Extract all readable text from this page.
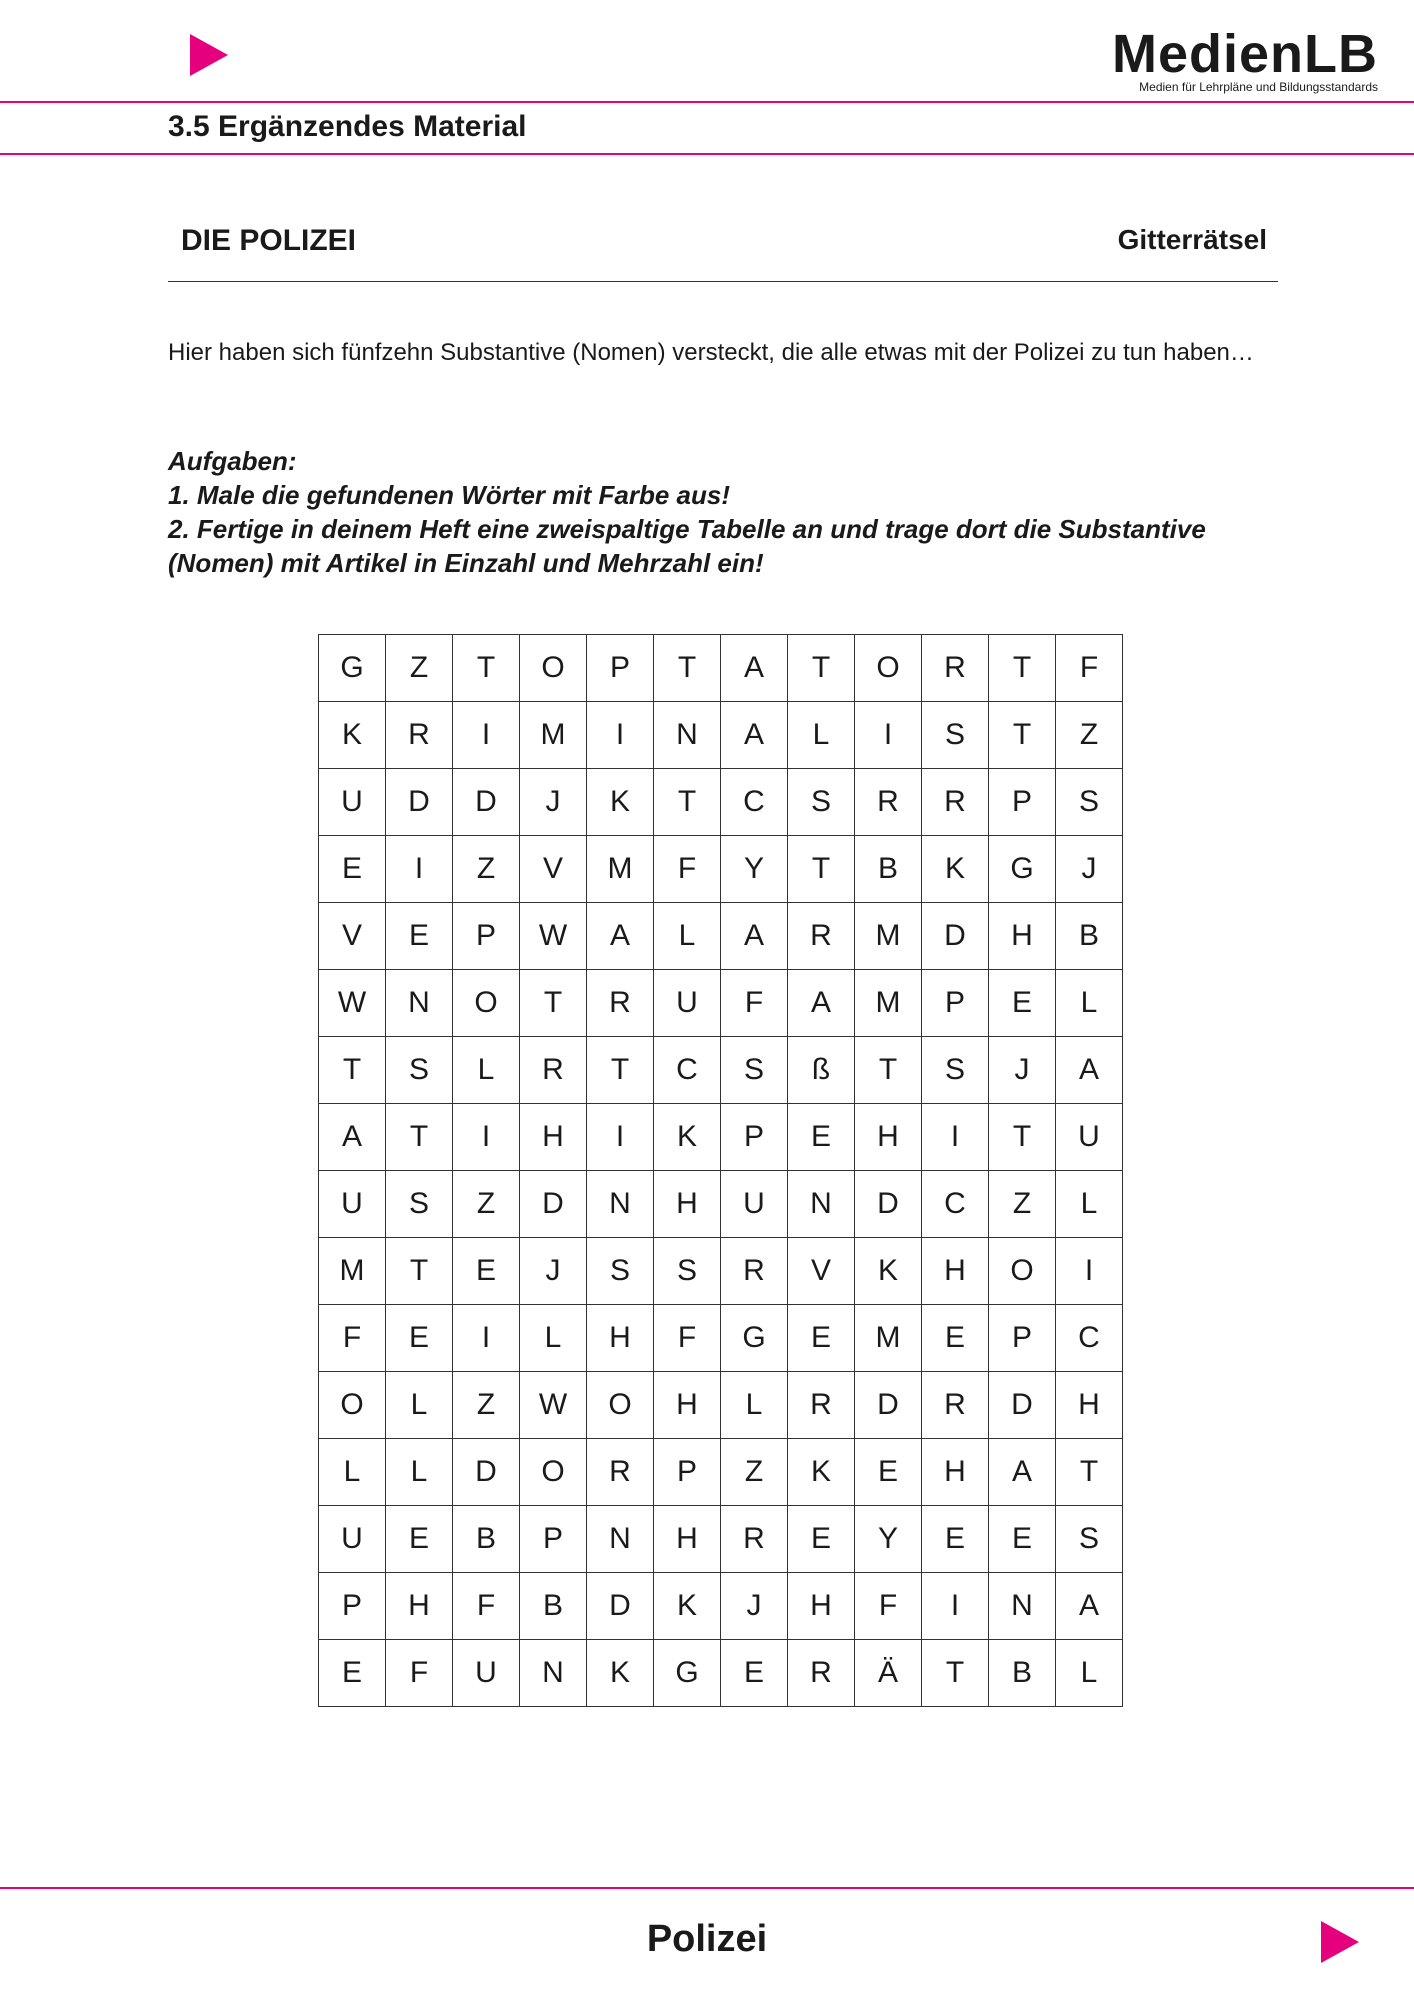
MedienLB
Medien für Lehrpläne und Bildungsstandards
3.5 Ergänzendes Material
DIE POLIZEI	Gitterrätsel
Hier haben sich fünfzehn Substantive (Nomen) versteckt, die alle etwas mit der Polizei zu tun haben…
Aufgaben:
1. Male die gefundenen Wörter mit Farbe aus!
2. Fertige in deinem Heft eine zweispaltige Tabelle an und trage dort die Substantive (Nomen) mit Artikel in Einzahl und Mehrzahl ein!
G	Z	T	O	P	T	A	T	O	R	T	F
K	R	I	M	I	N	A	L	I	S	T	Z
U	D	D	J	K	T	C	S	R	R	P	S
E	I	Z	V	M	F	Y	T	B	K	G	J
V	E	P	W	A	L	A	R	M	D	H	B
W	N	O	T	R	U	F	A	M	P	E	L
T	S	L	R	T	C	S	ß	T	S	J	A
A	T	I	H	I	K	P	E	H	I	T	U
U	S	Z	D	N	H	U	N	D	C	Z	L
M	T	E	J	S	S	R	V	K	H	O	I
F	E	I	L	H	F	G	E	M	E	P	C
O	L	Z	W	O	H	L	R	D	R	D	H
L	L	D	O	R	P	Z	K	E	H	A	T
U	E	B	P	N	H	R	E	Y	E	E	S
P	H	F	B	D	K	J	H	F	I	N	A
E	F	U	N	K	G	E	R	Ä	T	B	L
Polizei
